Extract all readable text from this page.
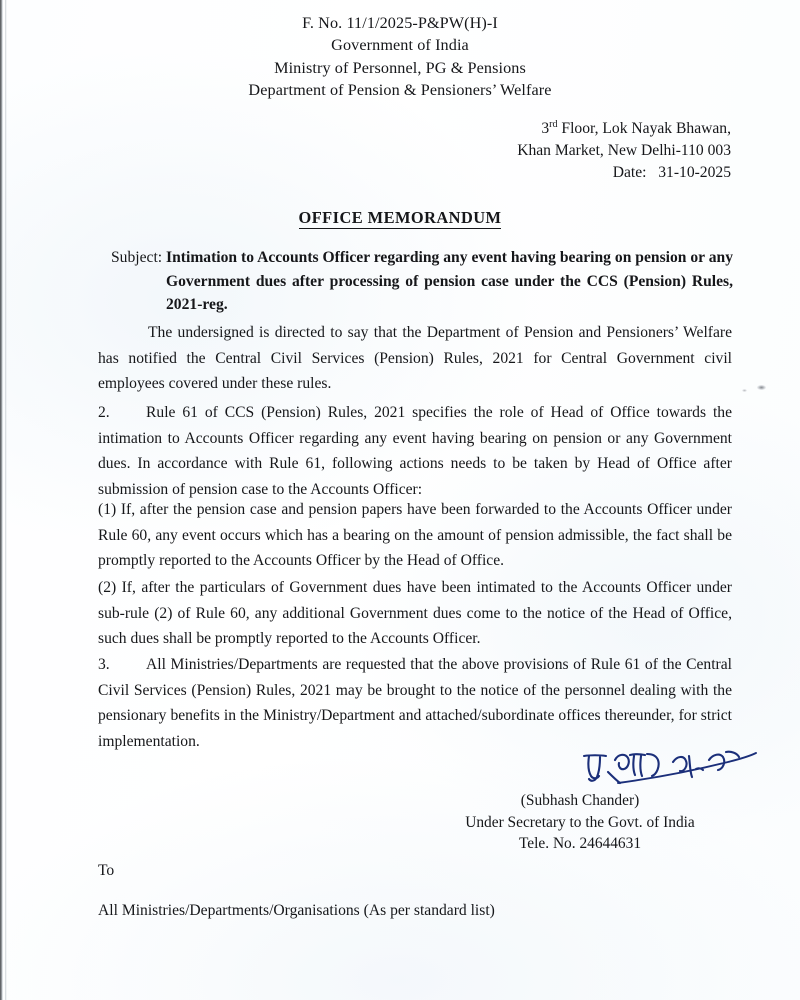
F. No. 11/1/2025-P&PW(H)-I
Government of India
Ministry of Personnel, PG & Pensions
Department of Pension & Pensioners’ Welfare
3rd Floor, Lok Nayak Bhawan,
Khan Market, New Delhi-110 003
Date: 31-10-2025
OFFICE MEMORANDUM
Subject: Intimation to Accounts Officer regarding any event having bearing on pension or any Government dues after processing of pension case under the CCS (Pension) Rules, 2021-reg.
The undersigned is directed to say that the Department of Pension and Pensioners’ Welfare has notified the Central Civil Services (Pension) Rules, 2021 for Central Government civil employees covered under these rules.
2. Rule 61 of CCS (Pension) Rules, 2021 specifies the role of Head of Office towards the intimation to Accounts Officer regarding any event having bearing on pension or any Government dues. In accordance with Rule 61, following actions needs to be taken by Head of Office after submission of pension case to the Accounts Officer:
(1) If, after the pension case and pension papers have been forwarded to the Accounts Officer under Rule 60, any event occurs which has a bearing on the amount of pension admissible, the fact shall be promptly reported to the Accounts Officer by the Head of Office.
(2) If, after the particulars of Government dues have been intimated to the Accounts Officer under sub-rule (2) of Rule 60, any additional Government dues come to the notice of the Head of Office, such dues shall be promptly reported to the Accounts Officer.
3. All Ministries/Departments are requested that the above provisions of Rule 61 of the Central Civil Services (Pension) Rules, 2021 may be brought to the notice of the personnel dealing with the pensionary benefits in the Ministry/Department and attached/subordinate offices thereunder, for strict implementation.
(Subhash Chander)
Under Secretary to the Govt. of India
Tele. No. 24644631
To
All Ministries/Departments/Organisations (As per standard list)
